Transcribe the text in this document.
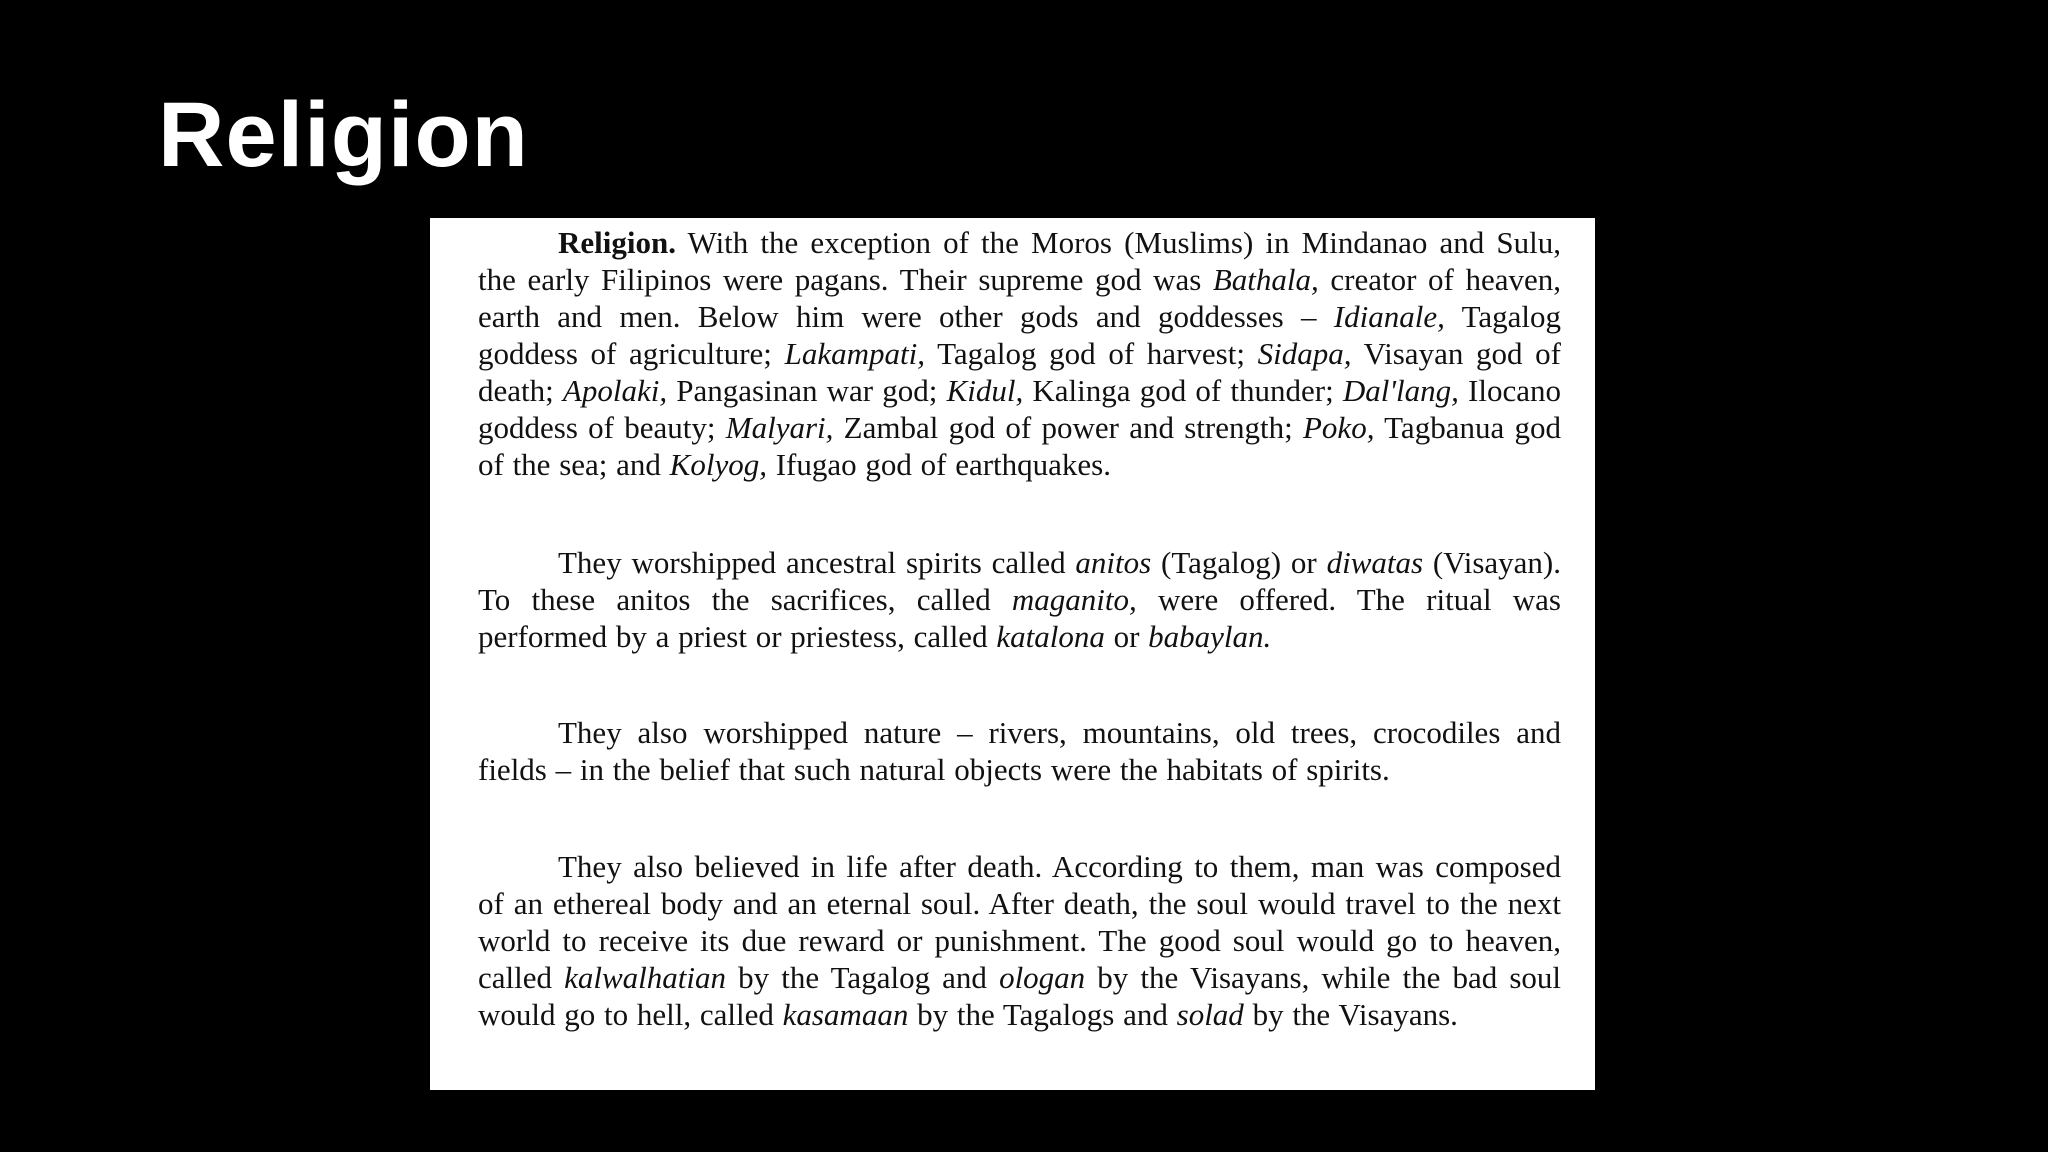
Religion

Religion. With the exception of the Moros (Muslims) in Mindanao and Sulu, the early Filipinos were pagans. Their supreme god was Bathala, creator of heaven, earth and men. Below him were other gods and goddesses – Idianale, Tagalog goddess of agriculture; Lakampati, Tagalog god of harvest; Sidapa, Visayan god of death; Apolaki, Pangasinan war god; Kidul, Kalinga god of thunder; Dal'lang, Ilocano goddess of beauty; Malyari, Zambal god of power and strength; Poko, Tagbanua god of the sea; and Kolyog, Ifugao god of earthquakes.

They worshipped ancestral spirits called anitos (Tagalog) or diwatas (Visayan). To these anitos the sacrifices, called maganito, were offered. The ritual was performed by a priest or priestess, called katalona or babaylan.

They also worshipped nature – rivers, mountains, old trees, crocodiles and fields – in the belief that such natural objects were the habitats of spirits.

They also believed in life after death. According to them, man was composed of an ethereal body and an eternal soul. After death, the soul would travel to the next world to receive its due reward or punishment. The good soul would go to heaven, called kalwalhatian by the Tagalog and ologan by the Visayans, while the bad soul would go to hell, called kasamaan by the Tagalogs and solad by the Visayans.
